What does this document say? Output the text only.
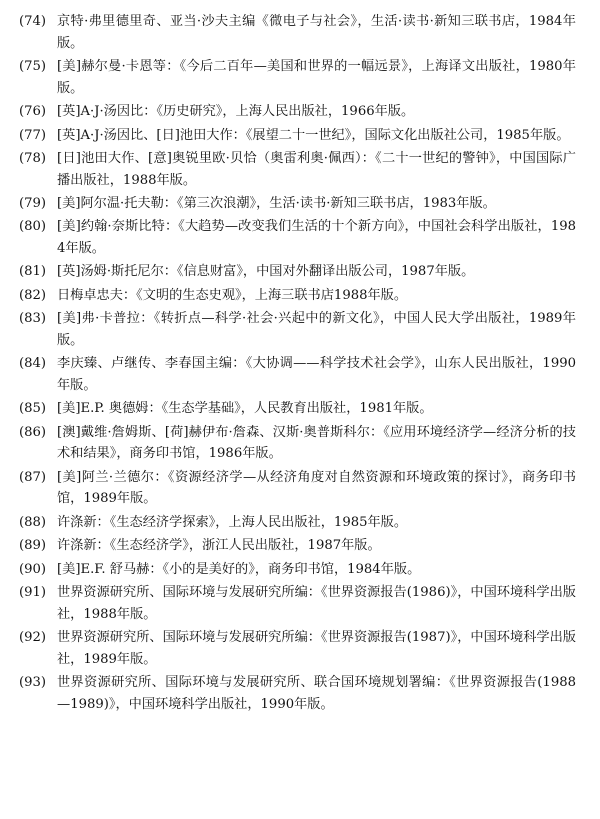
(74) 京特·弗里德里奇、亚当·沙夫主编《微电子与社会》，生活·读书·新知三联书店，1984年版。
(75) [美]赫尔曼·卡恩等：《今后二百年—美国和世界的一幅远景》，上海译文出版社，1980年版。
(76) [英]A·J·汤因比：《历史研究》，上海人民出版社，1966年版。
(77) [英]A·J·汤因比、[日]池田大作：《展望二十一世纪》，国际文化出版社公司，1985年版。
(78) [日]池田大作、[意]奥锐里欧·贝恰（奥雷利奥·佩西）：《二十一世纪的警钟》，中国国际广播出版社，1988年版。
(79) [美]阿尔温·托夫勒：《第三次浪潮》，生活·读书·新知三联书店，1983年版。
(80) [美]约翰·奈斯比特：《大趋势—改变我们生活的十个新方向》，中国社会科学出版社，1984年版。
(81) [英]汤姆·斯托尼尔：《信息财富》，中国对外翻译出版公司，1987年版。
(82) 日梅卓忠夫：《文明的生态史观》，上海三联书店1988年版。
(83) [美]弗·卡普拉：《转折点—科学·社会·兴起中的新文化》，中国人民大学出版社，1989年版。
(84) 李庆臻、卢继传、李春国主编：《大协调——科学技术社会学》，山东人民出版社，1990年版。
(85) [美]E.P. 奥德姆：《生态学基础》，人民教育出版社，1981年版。
(86) [澳]戴维·詹姆斯、[荷]赫伊布·詹森、汉斯·奥普斯科尔：《应用环境经济学—经济分析的技术和结果》，商务印书馆，1986年版。
(87) [美]阿兰·兰德尔：《资源经济学—从经济角度对自然资源和环境政策的探讨》，商务印书馆，1989年版。
(88) 许涤新：《生态经济学探索》，上海人民出版社，1985年版。
(89) 许涤新：《生态经济学》，浙江人民出版社，1987年版。
(90) [美]E.F. 舒马赫：《小的是美好的》，商务印书馆，1984年版。
(91) 世界资源研究所、国际环境与发展研究所编：《世界资源报告(1986)》，中国环境科学出版社，1988年版。
(92) 世界资源研究所、国际环境与发展研究所编：《世界资源报告(1987)》，中国环境科学出版社，1989年版。
(93) 世界资源研究所、国际环境与发展研究所、联合国环境规划署编：《世界资源报告(1988—1989)》，中国环境科学出版社，1990年版。
